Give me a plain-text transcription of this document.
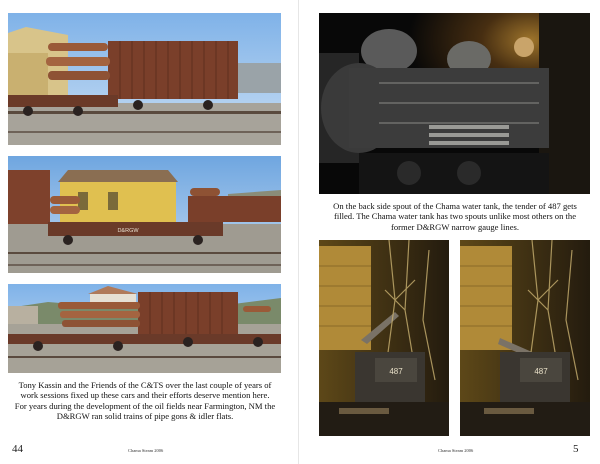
D&RGW
Tony Kassin and the Friends of the C&TS over the last couple of years of work sessions fixed up these cars and their efforts deserve mention here. For years during the development of the oil fields near Farmington, NM the D&RGW ran solid trains of pipe gons & idler flats.
44	Chama Steam 2006
On the back side spout of the Chama water tank, the tender of 487 gets filled. The Chama water tank has two spouts unlike most others on the former D&RGW narrow gauge lines.
487	487
Chama Steam 2006	5
